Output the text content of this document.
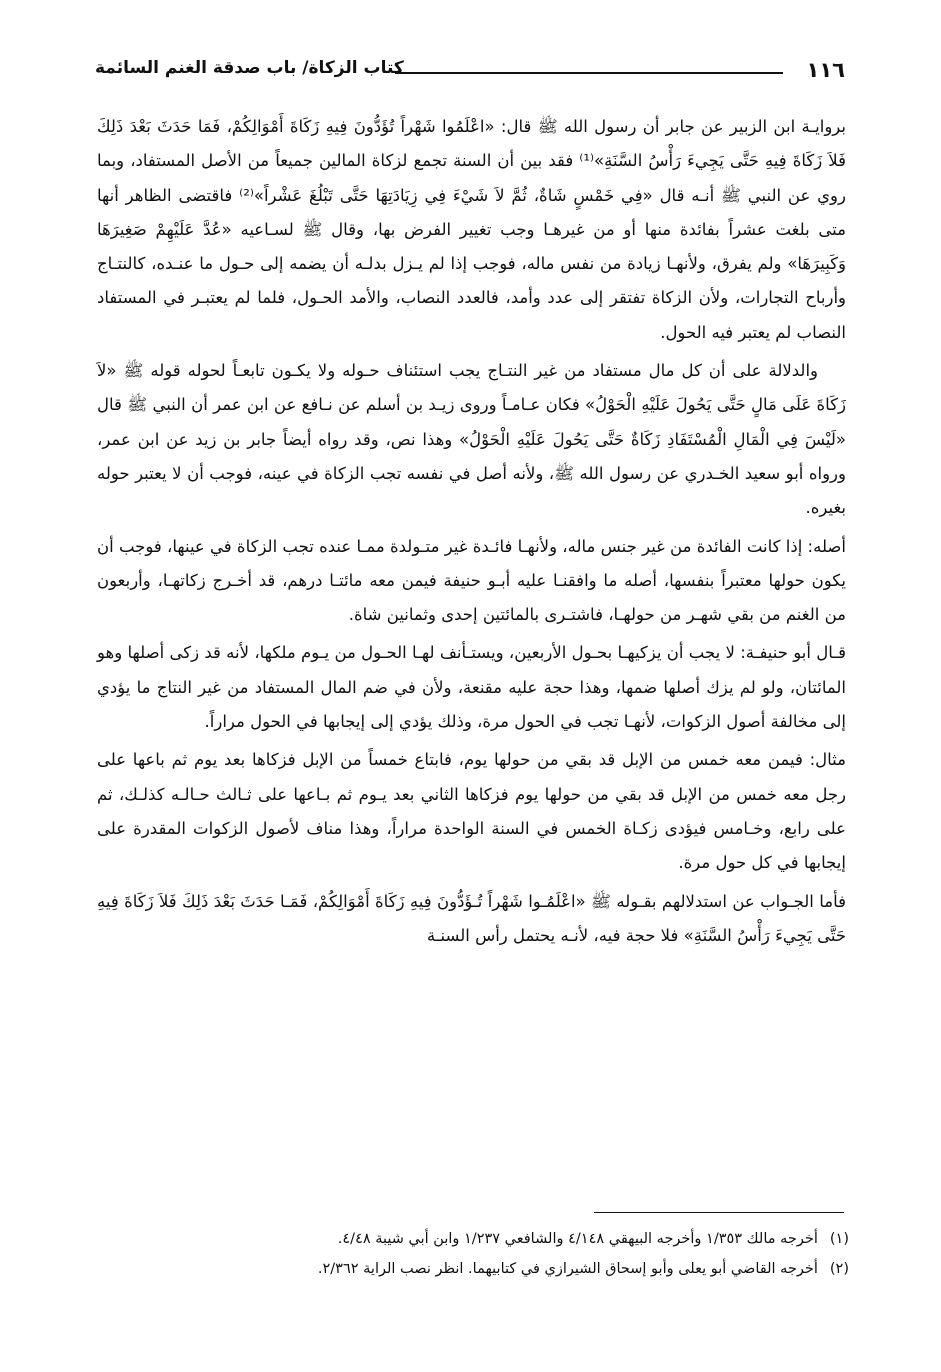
١١٦
كتاب الزكاة/ باب صدقة الغنم السائمة

بروايـة ابن الزبير عن جابر أن رسول الله ﷺ قال: «اعْلَمُوا شَهْراً تُؤَدُّونَ فِيهِ زَكَاةَ أَمْوَالِكُمْ، فَمَا حَدَثَ بَعْدَ ذَلِكَ فَلاَ زَكَاةَ فِيهِ حَتَّى يَجِيءَ رَأْسُ السَّنَةِ»⁽¹⁾ فقد بين أن السنة تجمع لزكاة المالين جميعاً من الأصل المستفاد، وبما روي عن النبي ﷺ أنـه قال «فِي خَمْسٍ شَاةٌ، ثُمَّ لاَ شَيْءَ فِي زِيَادَتِهَا حَتَّى تَبْلُغَ عَشْراً»⁽²⁾ فاقتضى الظاهر أنها متى بلغت عشراً بفائدة منها أو من غيرهـا وجب تغيير الفرض بها، وقال ﷺ لسـاعيه «عُدَّ عَلَيْهِمْ صَغِيرَهَا وَكَبِيرَهَا» ولم يفرق، ولأنهـا زيادة من نفس ماله، فوجب إذا لم يـزل بدلـه أن يضمه إلى حـول ما عنـده، كالنتـاج وأرباح التجارات، ولأن الزكاة تفتقر إلى عدد وأمد، فالعدد النصاب، والأمد الحـول، فلما لم يعتبـر في المستفاد النصاب لم يعتبر فيه الحول.

والدلالة على أن كل مال مستفاد من غير النتـاج يجب استئناف حـوله ولا يكـون تابعـاً لحوله قوله ﷺ «لاَ زَكَاةَ عَلَى مَالٍ حَتَّى يَحُولَ عَلَيْهِ الْحَوْلُ» فكان عـامـاً وروى زيـد بن أسلم عن نـافع عن ابن عمر أن النبي ﷺ قال «لَيْسَ فِي الْمَالِ الْمُسْتَفَادِ زَكَاةٌ حَتَّى يَحُولَ عَلَيْهِ الْحَوْلُ» وهذا نص، وقد رواه أيضاً جابر بن زيد عن ابن عمر، ورواه أبو سعيد الخـدري عن رسول الله ﷺ، ولأنه أصل في نفسه تجب الزكاة في عينه، فوجب أن لا يعتبر حوله بغيره.

أصله: إذا كانت الفائدة من غير جنس ماله، ولأنهـا فائـدة غير متـولدة ممـا عنده تجب الزكاة في عينها، فوجب أن يكون حولها معتبراً بنفسها، أصله ما وافقنـا عليه أبـو حنيفة فيمن معه مائتـا درهم، قد أخـرج زكاتهـا، وأربعون من الغنم من بقي شهـر من حولهـا، فاشتـرى بالمائتين إحدى وثمانين شاة.

قـال أبو حنيفـة: لا يجب أن يزكيهـا بحـول الأربعين، ويستـأنف لهـا الحـول من يـوم ملكها، لأنه قد زكى أصلها وهو المائتان، ولو لم يزك أصلها ضمها، وهذا حجة عليه مقنعة، ولأن في ضم المال المستفاد من غير النتاج ما يؤدي إلى مخالفة أصول الزكوات، لأنهـا تجب في الحول مرة، وذلك يؤدي إلى إيجابها في الحول مراراً.

مثال: فيمن معه خمس من الإبل قد بقي من حولها يوم، فابتاع خمساً من الإبل فزكاها بعد يوم ثم باعها على رجل معه خمس من الإبل قد بقي من حولها يوم فزكاها الثاني بعد يـوم ثم بـاعها على ثـالث حـالـه كذلـك، ثم على رابع، وخـامس فيؤدى زكـاة الخمس في السنة الواحدة مراراً، وهذا مناف لأصول الزكوات المقدرة على إيجابها في كل حول مرة.

فأما الجـواب عن استدلالهم بقـوله ﷺ «اعْلَمُـوا شَهْراً تُـؤَدُّونَ فِيهِ زَكَاةَ أَمْوَالِكُمْ، فَمَـا حَدَثَ بَعْدَ ذَلِكَ فَلاَ زَكَاةَ فِيهِ حَتَّى يَجِيءَ رَأْسُ السَّنَةِ» فلا حجة فيه، لأنـه يحتمل رأس السنـة

(١)أخرجه مالك ١/٣٥٣ وأخرجه البيهقي ٤/١٤٨ والشافعي ١/٢٣٧ وابن أبي شيبة ٤/٤٨.

(٢)أخرجه القاضي أبو يعلى وأبو إسحاق الشيرازي في كتابيهما. انظر نصب الراية ٢/٣٦٢.
